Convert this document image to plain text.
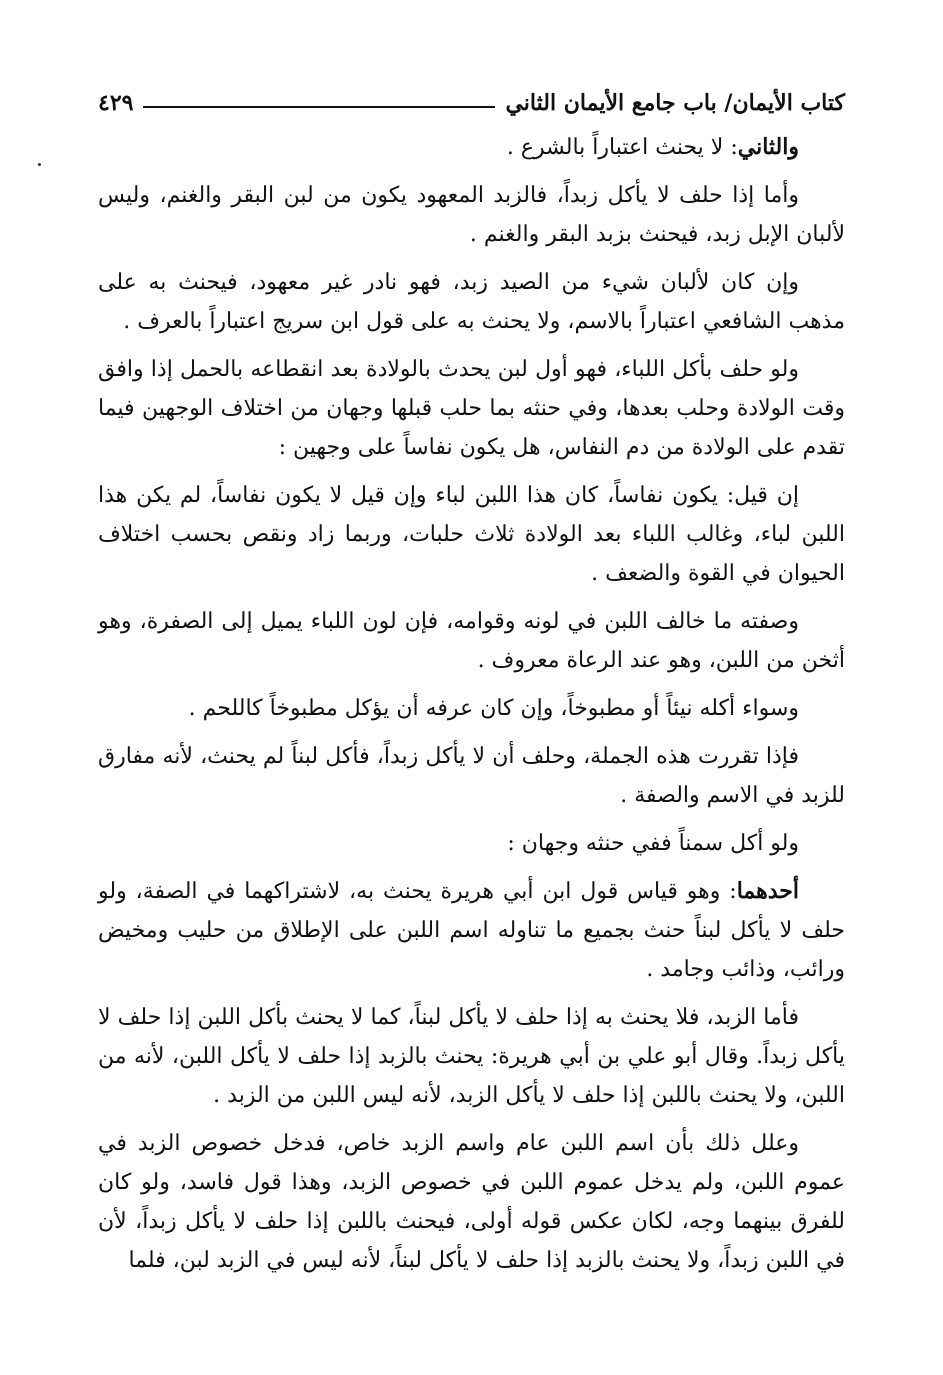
كتاب الأيمان/ باب جامع الأيمان الثاني
٤٢٩

والثاني: لا يحنث اعتباراً بالشرع .

وأما إذا حلف لا يأكل زبداً، فالزبد المعهود يكون من لبن البقر والغنم، وليس لألبان الإبل زبد، فيحنث بزبد البقر والغنم .

وإن كان لألبان شيء من الصيد زبد، فهو نادر غير معهود، فيحنث به على مذهب الشافعي اعتباراً بالاسم، ولا يحنث به على قول ابن سريج اعتباراً بالعرف .

ولو حلف بأكل اللباء، فهو أول لبن يحدث بالولادة بعد انقطاعه بالحمل إذا وافق وقت الولادة وحلب بعدها، وفي حنثه بما حلب قبلها وجهان من اختلاف الوجهين فيما تقدم على الولادة من دم النفاس، هل يكون نفاساً على وجهين :

إن قيل: يكون نفاساً، كان هذا اللبن لباء وإن قيل لا يكون نفاساً، لم يكن هذا اللبن لباء، وغالب اللباء بعد الولادة ثلاث حلبات، وربما زاد ونقص بحسب اختلاف الحيوان في القوة والضعف .

وصفته ما خالف اللبن في لونه وقوامه، فإن لون اللباء يميل إلى الصفرة، وهو أثخن من اللبن، وهو عند الرعاة معروف .

وسواء أكله نيئاً أو مطبوخاً، وإن كان عرفه أن يؤكل مطبوخاً كاللحم .

فإذا تقررت هذه الجملة، وحلف أن لا يأكل زبداً، فأكل لبناً لم يحنث، لأنه مفارق للزبد في الاسم والصفة .

ولو أكل سمناً ففي حنثه وجهان :

أحدهما: وهو قياس قول ابن أبي هريرة يحنث به، لاشتراكهما في الصفة، ولو حلف لا يأكل لبناً حنث بجميع ما تناوله اسم اللبن على الإطلاق من حليب ومخيض ورائب، وذائب وجامد .

فأما الزبد، فلا يحنث به إذا حلف لا يأكل لبناً، كما لا يحنث بأكل اللبن إذا حلف لا يأكل زبداً. وقال أبو علي بن أبي هريرة: يحنث بالزبد إذا حلف لا يأكل اللبن، لأنه من اللبن، ولا يحنث باللبن إذا حلف لا يأكل الزبد، لأنه ليس اللبن من الزبد .

وعلل ذلك بأن اسم اللبن عام واسم الزبد خاص، فدخل خصوص الزبد في عموم اللبن، ولم يدخل عموم اللبن في خصوص الزبد، وهذا قول فاسد، ولو كان للفرق بينهما وجه، لكان عكس قوله أولى، فيحنث باللبن إذا حلف لا يأكل زبداً، لأن في اللبن زبداً، ولا يحنث بالزبد إذا حلف لا يأكل لبناً، لأنه ليس في الزبد لبن، فلما
